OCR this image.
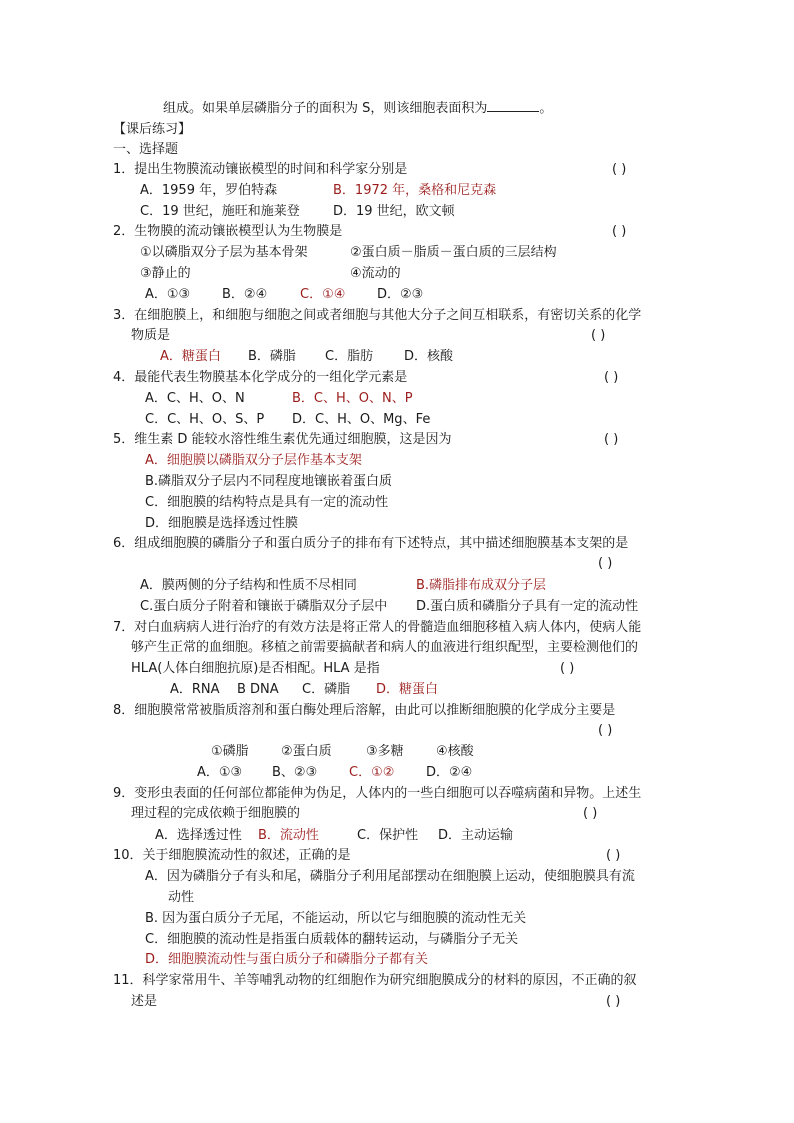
组成。如果单层磷脂分子的面积为 S，则该细胞表面积为	。
【课后练习】
一、选择题
1．提出生物膜流动镶嵌模型的时间和科学家分别是	( )
A．1959 年，罗伯特森	B．1972 年，桑格和尼克森
C．19 世纪，施旺和施莱登	D．19 世纪，欧文顿
2．生物膜的流动镶嵌模型认为生物膜是	( )
①以磷脂双分子层为基本骨架	②蛋白质－脂质－蛋白质的三层结构
③静止的	④流动的
A．①③ B．②④	C．①④ D．②③
3．在细胞膜上，和细胞与细胞之间或者细胞与其他大分子之间互相联系，有密切关系的化学
物质是	( )
A．糖蛋白 B．磷脂 C．脂肪 D．核酸
4．最能代表生物膜基本化学成分的一组化学元素是	( )
A．C、H、O、N	B．C、H、O、N、P
C．C、H、O、S、P D．C、H、O、Mg、Fe
5．维生素 D 能较水溶性维生素优先通过细胞膜，这是因为	( )
A．细胞膜以磷脂双分子层作基本支架
B.磷脂双分子层内不同程度地镶嵌着蛋白质
C．细胞膜的结构特点是具有一定的流动性
D．细胞膜是选择透过性膜
6．组成细胞膜的磷脂分子和蛋白质分子的排布有下述特点，其中描述细胞膜基本支架的是
( )
A．膜两侧的分子结构和性质不尽相同	B.磷脂排布成双分子层
C.蛋白质分子附着和镶嵌于磷脂双分子层中 D.蛋白质和磷脂分子具有一定的流动性
7．对白血病病人进行治疗的有效方法是将正常人的骨髓造血细胞移植入病人体内，使病人能
够产生正常的血细胞。移植之前需要搞献者和病人的血液进行组织配型，主要检测他们的
HLA(人体白细胞抗原)是否相配。HLA 是指	( )
A．RNA B DNA C．磷脂 D．糖蛋白
8．细胞膜常常被脂质溶剂和蛋白酶处理后溶解，由此可以推断细胞膜的化学成分主要是
( )
①磷脂 ②蛋白质	③多糖 ④核酸
A．①③ B、②③ C．①② D．②④
9．变形虫表面的任何部位都能伸为伪足，人体内的一些白细胞可以吞噬病菌和异物。上述生
理过程的完成依赖于细胞膜的	( )
A．选择透过性 B．流动性	C．保护性 D．主动运输
10．关于细胞膜流动性的叙述，正确的是	( )
A．因为磷脂分子有头和尾，磷脂分子利用尾部摆动在细胞膜上运动，使细胞膜具有流
动性
B. 因为蛋白质分子无尾，不能运动，所以它与细胞膜的流动性无关
C．细胞膜的流动性是指蛋白质载体的翻转运动，与磷脂分子无关
D．细胞膜流动性与蛋白质分子和磷脂分子都有关
11．科学家常用牛、羊等哺乳动物的红细胞作为研究细胞膜成分的材料的原因，不正确的叙
述是	( )
